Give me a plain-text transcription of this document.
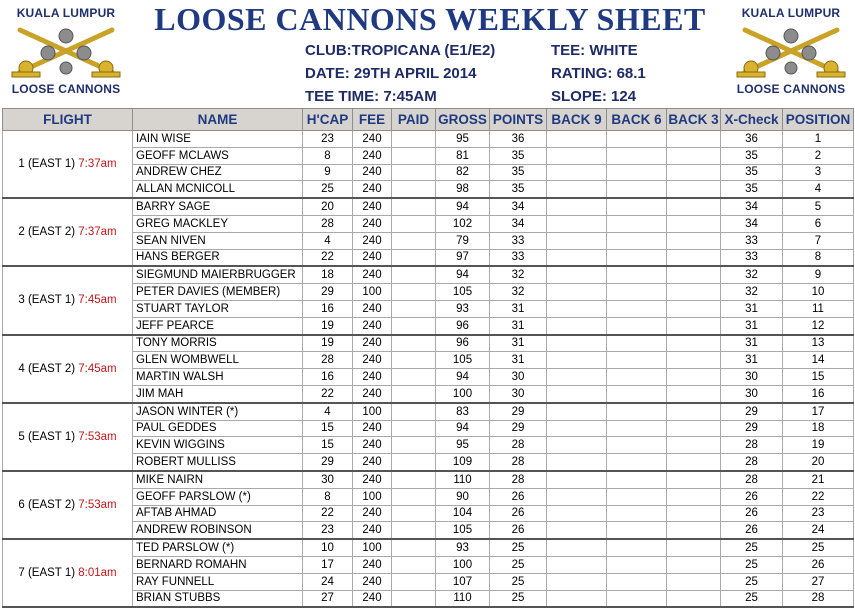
KUALA LUMPUR
LOOSE CANNONS
LOOSE CANNONS WEEKLY SHEET
CLUB:TROPICANA (E1/E2)
DATE: 29TH APRIL 2014
TEE TIME: 7:45AM
TEE: WHITE
RATING: 68.1
SLOPE: 124
KUALA LUMPUR
LOOSE CANNONS
FLIGHT	NAME	H'CAP	FEE	PAID	GROSS	POINTS	BACK 9	BACK 6	BACK 3	X-Check	POSITION
1 (EAST 1) 7:37am	IAIN WISE	23	240		95	36				36	1
	GEOFF MCLAWS	8	240		81	35				35	2
	ANDREW CHEZ	9	240		82	35				35	3
	ALLAN MCNICOLL	25	240		98	35				35	4
2 (EAST 2) 7:37am	BARRY SAGE	20	240		94	34				34	5
	GREG MACKLEY	28	240		102	34				34	6
	SEAN NIVEN	4	240		79	33				33	7
	HANS BERGER	22	240		97	33				33	8
3 (EAST 1) 7:45am	SIEGMUND MAIERBRUGGER	18	240		94	32				32	9
	PETER DAVIES (MEMBER)	29	100		105	32				32	10
	STUART TAYLOR	16	240		93	31				31	11
	JEFF PEARCE	19	240		96	31				31	12
4 (EAST 2) 7:45am	TONY MORRIS	19	240		96	31				31	13
	GLEN WOMBWELL	28	240		105	31				31	14
	MARTIN WALSH	16	240		94	30				30	15
	JIM MAH	22	240		100	30				30	16
5 (EAST 1) 7:53am	JASON WINTER (*)	4	100		83	29				29	17
	PAUL GEDDES	15	240		94	29				29	18
	KEVIN WIGGINS	15	240		95	28				28	19
	ROBERT MULLISS	29	240		109	28				28	20
6 (EAST 2) 7:53am	MIKE NAIRN	30	240		110	28				28	21
	GEOFF PARSLOW (*)	8	100		90	26				26	22
	AFTAB AHMAD	22	240		104	26				26	23
	ANDREW ROBINSON	23	240		105	26				26	24
7 (EAST 1) 8:01am	TED PARSLOW (*)	10	100		93	25				25	25
	BERNARD ROMAHN	17	240		100	25				25	26
	RAY FUNNELL	24	240		107	25				25	27
	BRIAN STUBBS	27	240		110	25				25	28
